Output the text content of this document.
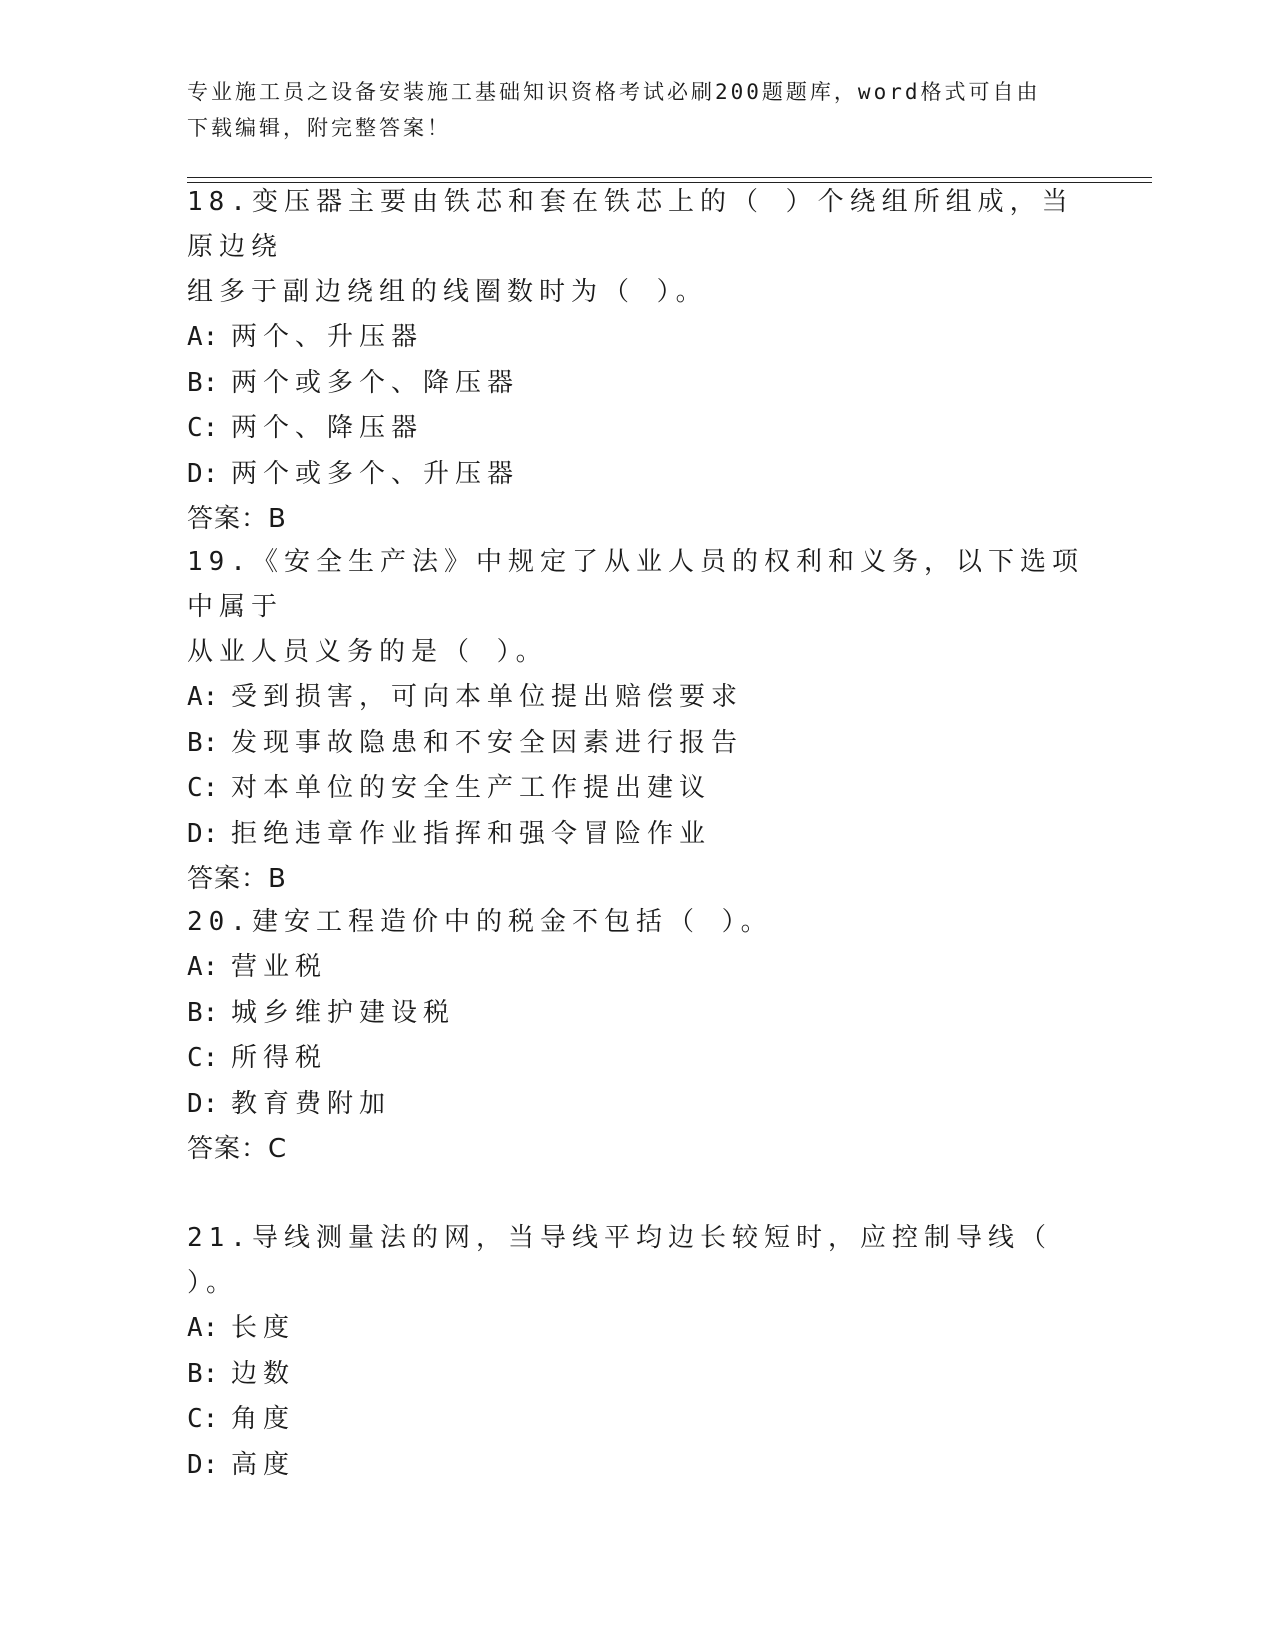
专业施工员之设备安装施工基础知识资格考试必刷200题题库，word格式可自由
下载编辑，附完整答案！

18.变压器主要由铁芯和套在铁芯上的（ ）个绕组所组成，当原边绕

组多于副边绕组的线圈数时为（ ）。

A: 两个、升压器

B: 两个或多个、降压器

C: 两个、降压器

D: 两个或多个、升压器

答案：B

19.《安全生产法》中规定了从业人员的权利和义务，以下选项中属于

从业人员义务的是（ ）。

A: 受到损害，可向本单位提出赔偿要求

B: 发现事故隐患和不安全因素进行报告

C: 对本单位的安全生产工作提出建议

D: 拒绝违章作业指挥和强令冒险作业

答案：B

20.建安工程造价中的税金不包括（ ）。

A: 营业税

B: 城乡维护建设税

C: 所得税

D: 教育费附加

答案：C

21.导线测量法的网，当导线平均边长较短时，应控制导线（ ）。

A: 长度

B: 边数

C: 角度

D: 高度
